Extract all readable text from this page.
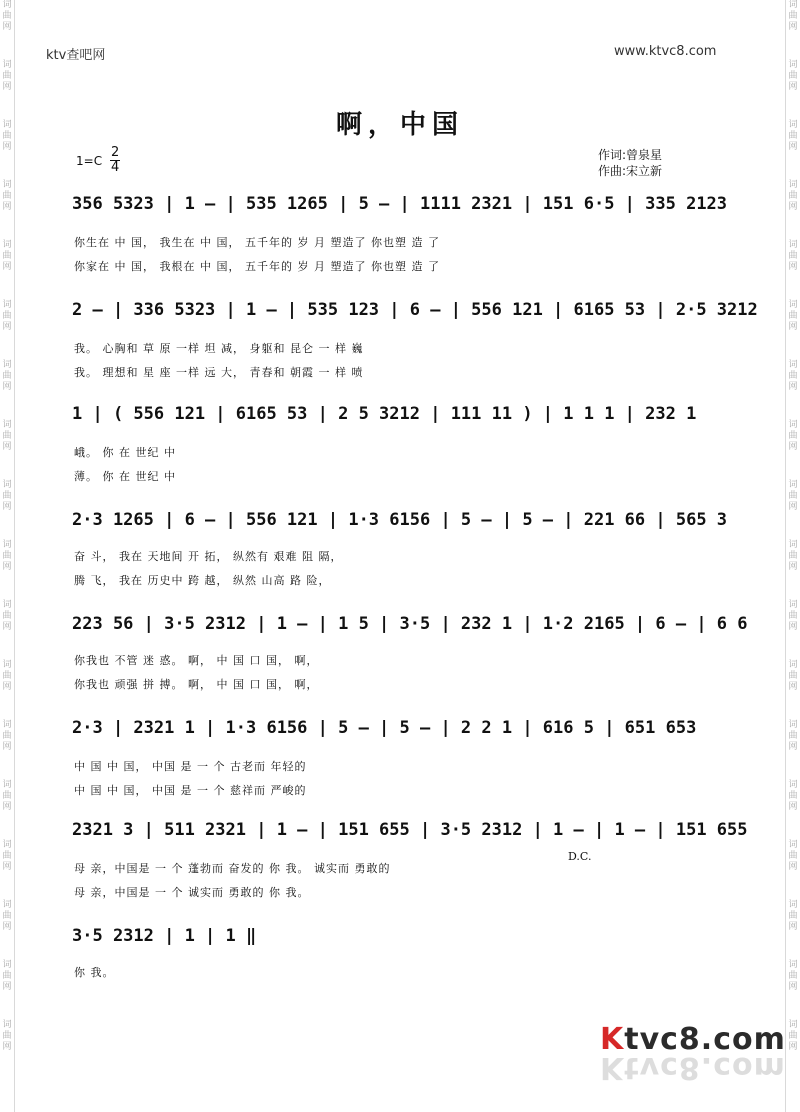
词
曲
网
词
曲
网
词
曲
网
词
曲
网
词
曲
网
词
曲
网
词
曲
网
词
曲
网
词
曲
网
词
曲
网
词
曲
网
词
曲
网
词
曲
网
词
曲
网
词
曲
网
词
曲
网
词
曲
网
词
曲
网
词
曲
网
词
曲
网
词
曲
网
词
曲
网
词
曲
网
词
曲
网
词
曲
网
词
曲
网
词
曲
网
词
曲
网
词
曲
网
词
曲
网
词
曲
网
词
曲
网
词
曲
网
词
曲
网
词
曲
网
词
曲
网
ktv查吧网	www.ktvc8.com
啊，中国
$1=C \frac{2}{4}$	作词:曾泉星
作曲:宋立新
356 5323 | 1 – | 535 1265 | 5 – | 1111 2321 | 151 6·5 | 335 2123
2 – | 336 5323 | 1 – | 535 123 | 6 – | 556 121 | 6165 53 | 2·5 3212
1 | ( 556 121 | 6165 53 | 2 5 3212 | 111 11 ) | 1 1 1 | 232 1
2·3 1265 | 6 – | 556 121 | 1·3 6156 | 5 – | 5 – | 221 66 | 565 3
223 56 | 3·5 2312 | 1 – | 1 5 | 3·5 | 232 1 | 1·2 2165 | 6 – | 6 6
2·3 | 2321 1 | 1·3 6156 | 5 – | 5 – | 2 2 1 | 616 5 | 651 653
2321 3 | 511 2321 | 1 – | 151 655 | 3·5 2312 | 1 – | 1 – | 151 655
3·5 2312 | 1 | 1 ‖
你生在 中 国， 我生在 中 国， 五千年的 岁 月 塑造了 你也塑 造 了
你家在 中 国， 我根在 中 国， 五千年的 岁 月 塑造了 你也塑 造 了
我。 心胸和 草 原 一样 坦 减， 身躯和 昆仑 一 样 巍
我。 理想和 星 座 一样 远 大， 青春和 朝霞 一 样 喷
峨。 你 在 世纪 中
薄。 你 在 世纪 中
奋 斗， 我在 天地间 开 拓， 纵然有 艰难 阻 隔，
腾 飞， 我在 历史中 跨 越， 纵然 山高 路 险，
你我也 不管 迷 惑。 啊， 中 国 口 国， 啊，
你我也 顽强 拼 搏。 啊， 中 国 口 国， 啊，
中 国 中 国， 中国 是 一 个 古老而 年轻的
中 国 中 国， 中国 是 一 个 慈祥而 严峻的
母 亲，中国是 一 个 蓬勃而 奋发的 你 我。 诚实而 勇敢的
母 亲，中国是 一 个 诚实而 勇敢的 你 我。
你 我。
D.C.
Ktvc8.com
Ktvc8.com
